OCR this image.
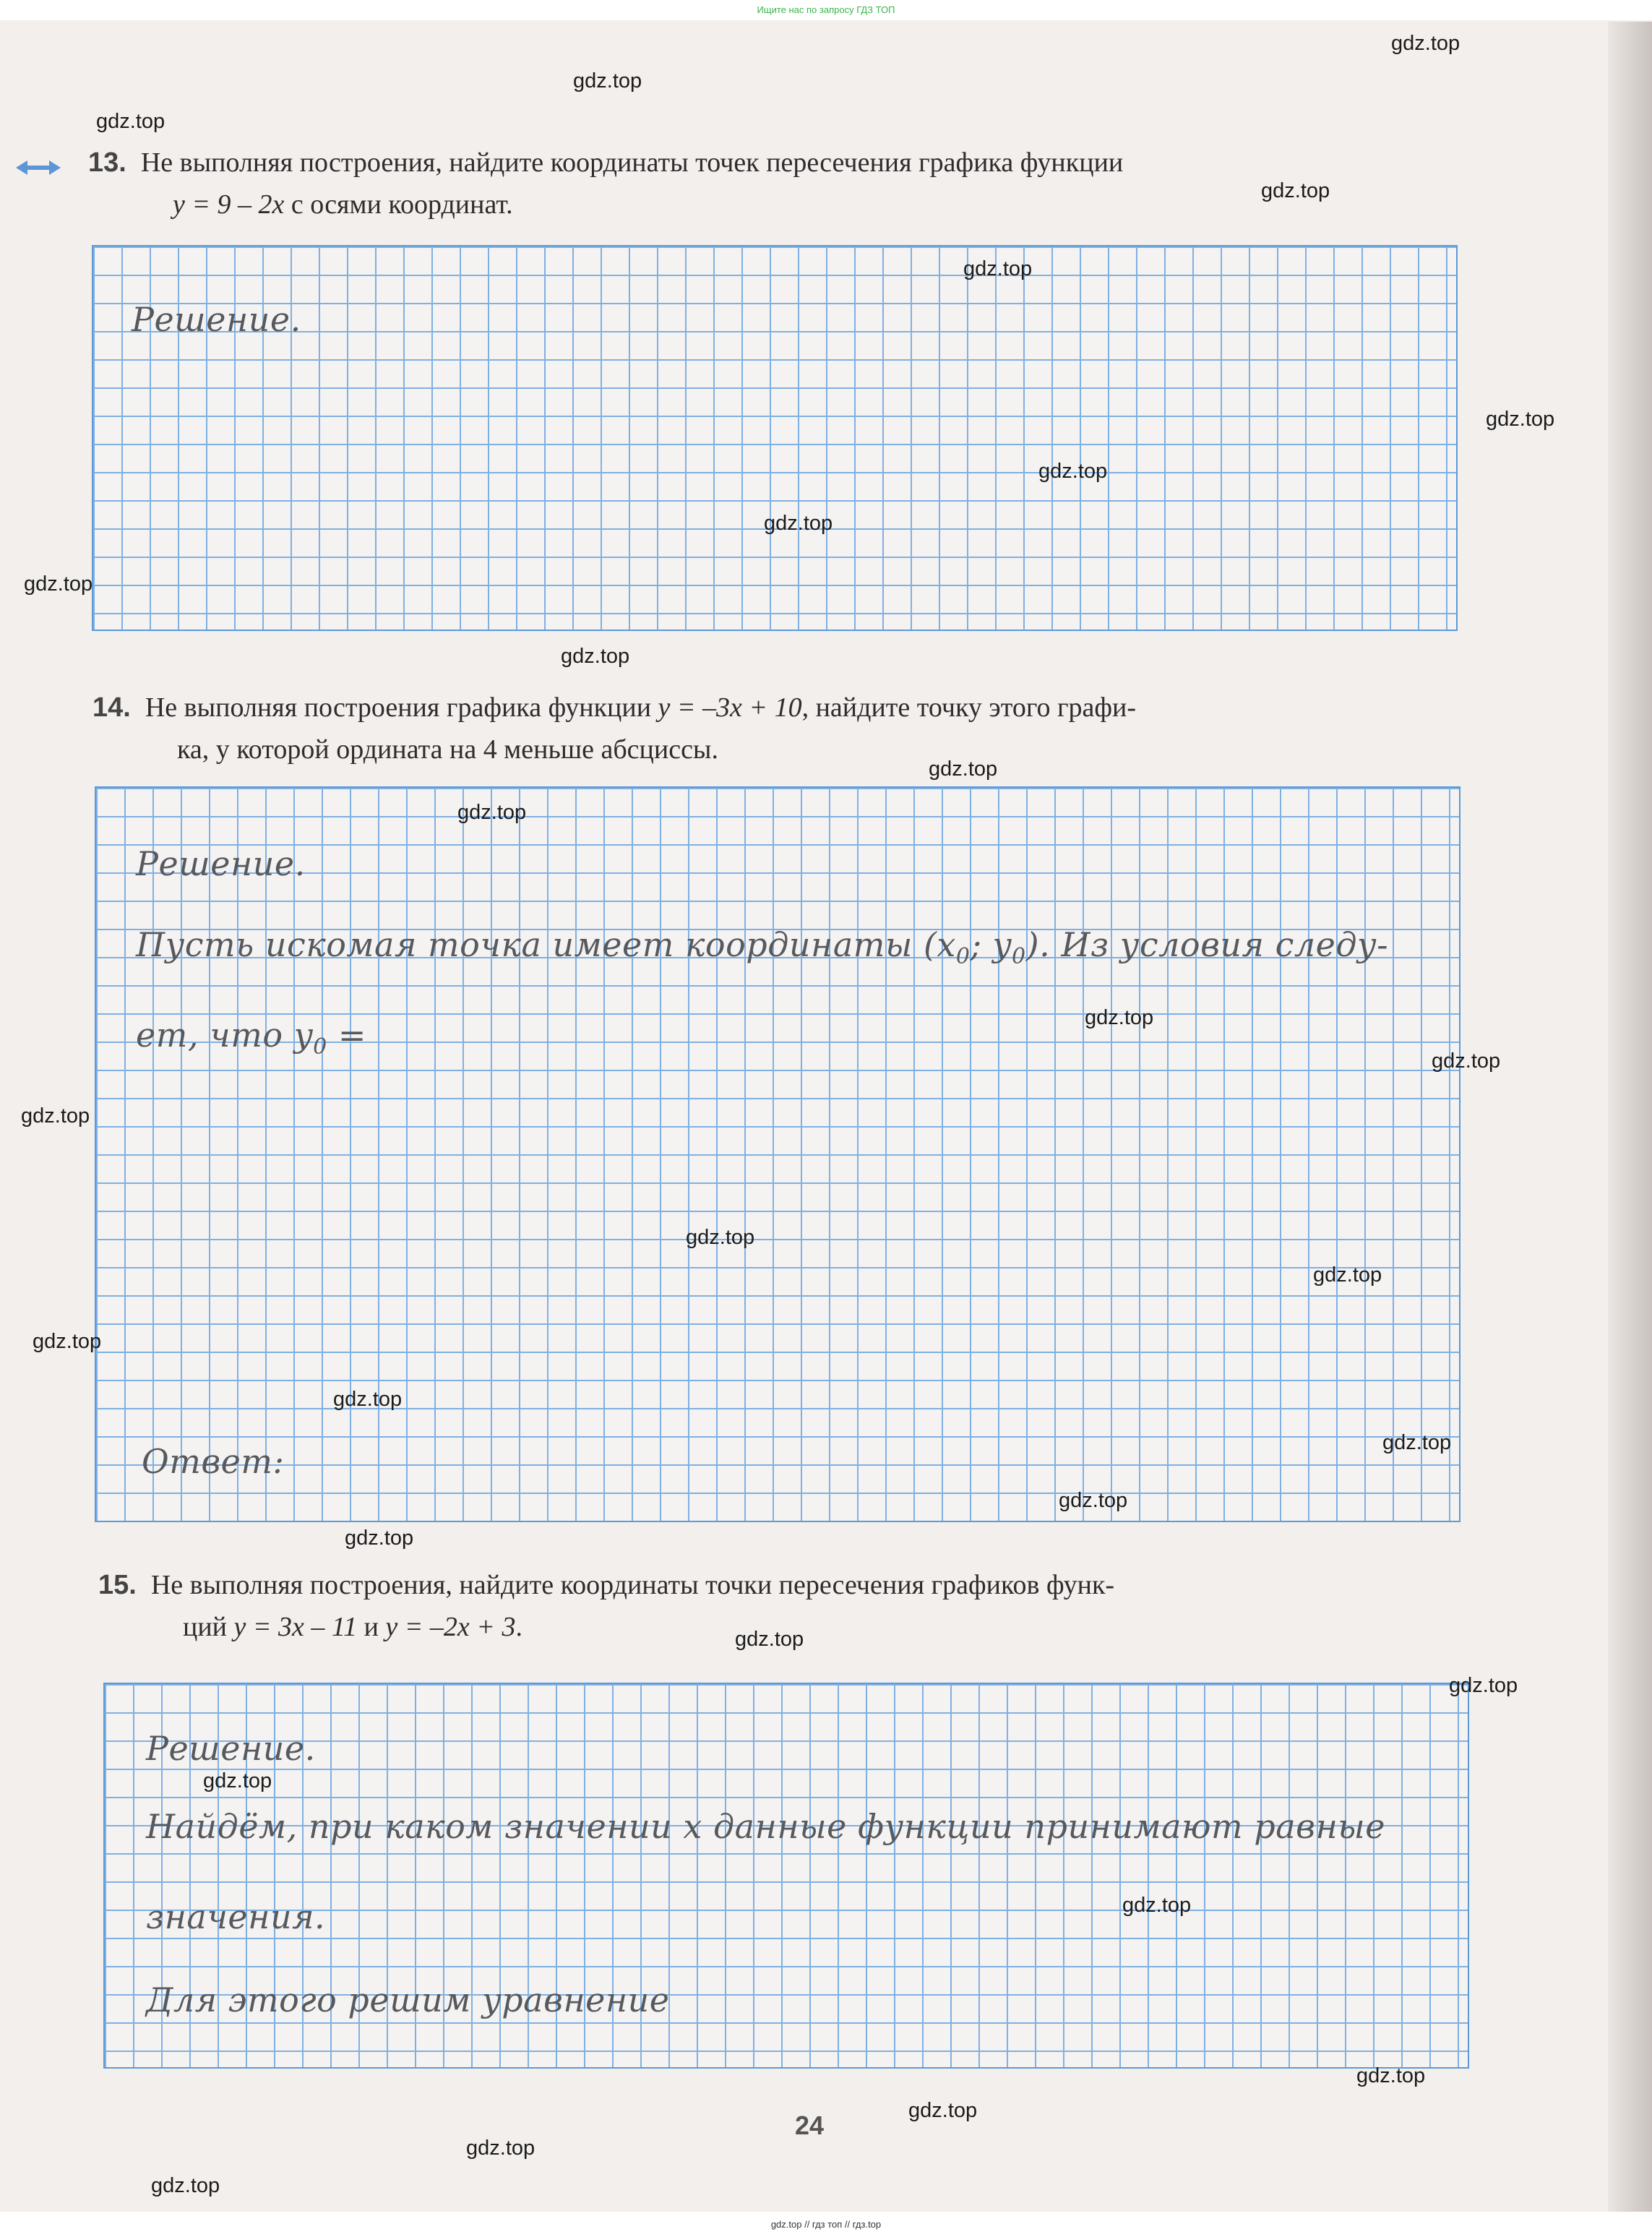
Ищите нас по запросу ГДЗ ТОП
13. Не выполняя построения, найдите координаты точек пересечения графика функции
y = 9 – 2x с осями координат.
Решение.
14. Не выполняя построения графика функции y = –3x + 10, найдите точку этого графи-
ка, у которой ордината на 4 меньше абсциссы.
Решение.
Пусть искомая точка имеет координаты ($x_0$; $y_0$). Из условия следу-
ет, что $y_0$ =
Ответ:
15. Не выполняя построения, найдите координаты точки пересечения графиков функ-
ций y = 3x – 11 и y = –2x + 3.
Решение.
Найдём, при каком значении x данные функции принимают равные
значения.
Для этого решим уравнение
24
gdz.top
gdz.top
gdz.top
gdz.top
gdz.top
gdz.top
gdz.top
gdz.top
gdz.top
gdz.top
gdz.top
gdz.top
gdz.top
gdz.top
gdz.top
gdz.top
gdz.top
gdz.top
gdz.top
gdz.top
gdz.top
gdz.top
gdz.top
gdz.top
gdz.top
gdz.top
gdz.top
gdz.top
gdz.top
gdz.top
gdz.top // гдз топ // гдз.top
